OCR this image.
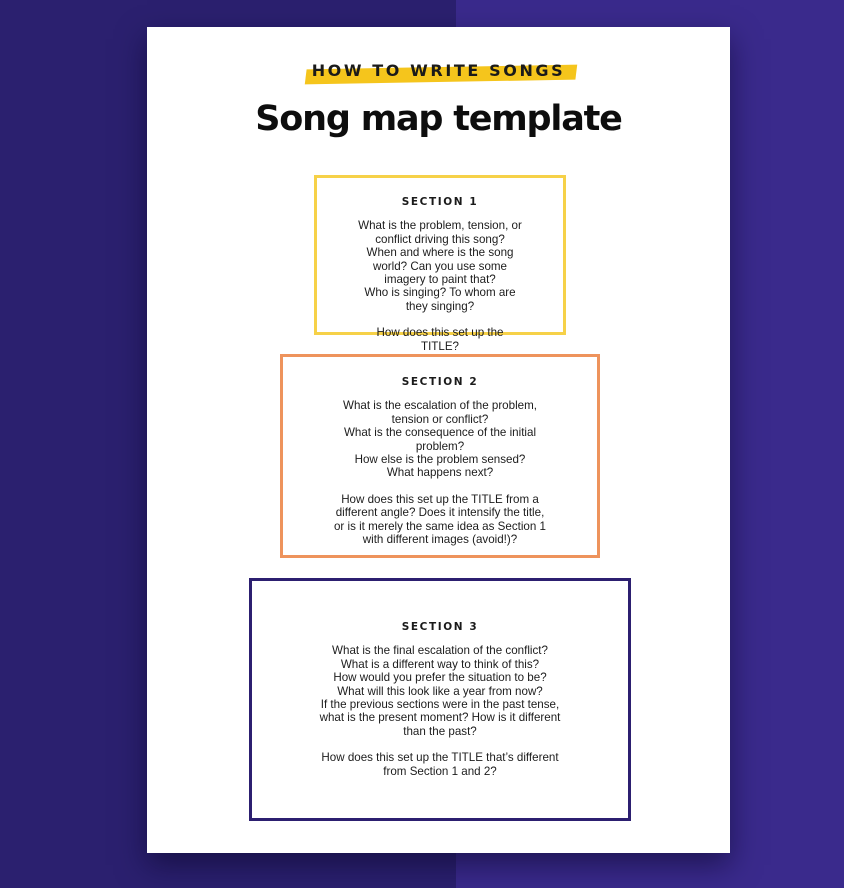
HOW TO WRITE SONGS
Song map template
SECTION 1
What is the problem, tension, or conflict driving this song?
When and where is the song world? Can you use some imagery to paint that?
Who is singing? To whom are they singing?
How does this set up the TITLE?
SECTION 2
What is the escalation of the problem, tension or conflict?
What is the consequence of the initial problem?
How else is the problem sensed?
What happens next?
How does this set up the TITLE from a different angle? Does it intensify the title, or is it merely the same idea as Section 1 with different images (avoid!)?
SECTION 3
What is the final escalation of the conflict?
What is a different way to think of this?
How would you prefer the situation to be?
What will this look like a year from now?
If the previous sections were in the past tense, what is the present moment? How is it different than the past?
How does this set up the TITLE that’s different from Section 1 and 2?
